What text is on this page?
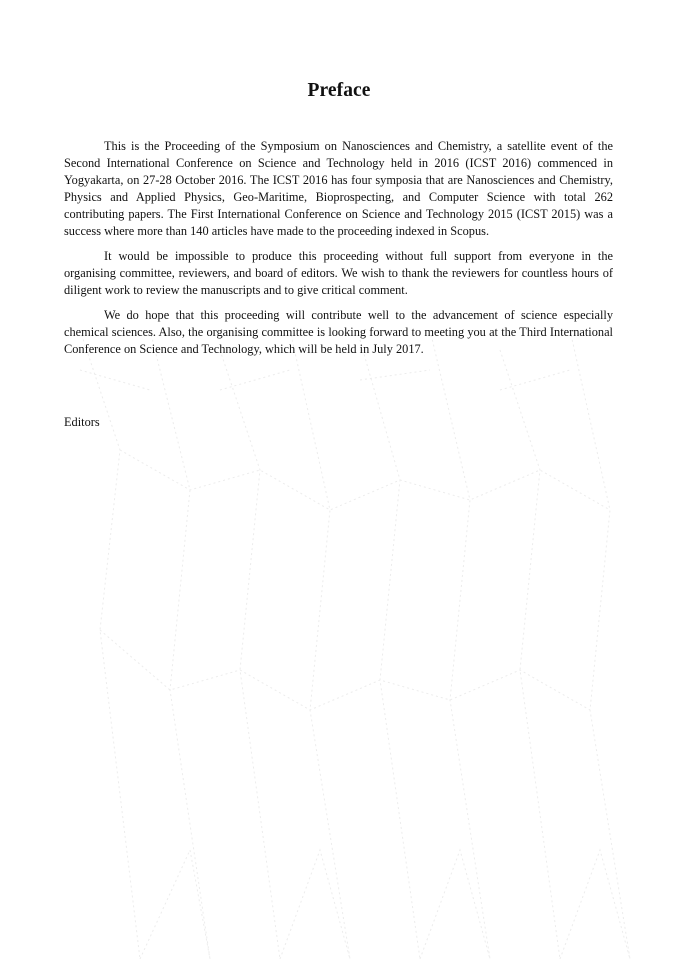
Preface

This is the Proceeding of the Symposium on Nanosciences and Chemistry, a satellite event of the Second International Conference on Science and Technology held in 2016 (ICST 2016) commenced in Yogyakarta, on 27-28 October 2016. The ICST 2016 has four symposia that are Nanosciences and Chemistry, Physics and Applied Physics, Geo-Maritime, Bioprospecting, and Computer Science with total 262 contributing papers. The First International Conference on Science and Technology 2015 (ICST 2015) was a success where more than 140 articles have made to the proceeding indexed in Scopus.

It would be impossible to produce this proceeding without full support from everyone in the organising committee, reviewers, and board of editors. We wish to thank the reviewers for countless hours of diligent work to review the manuscripts and to give critical comment.

We do hope that this proceeding will contribute well to the advancement of science especially chemical sciences. Also, the organising committee is looking forward to meeting you at the Third International Conference on Science and Technology, which will be held in July 2017.

Editors
